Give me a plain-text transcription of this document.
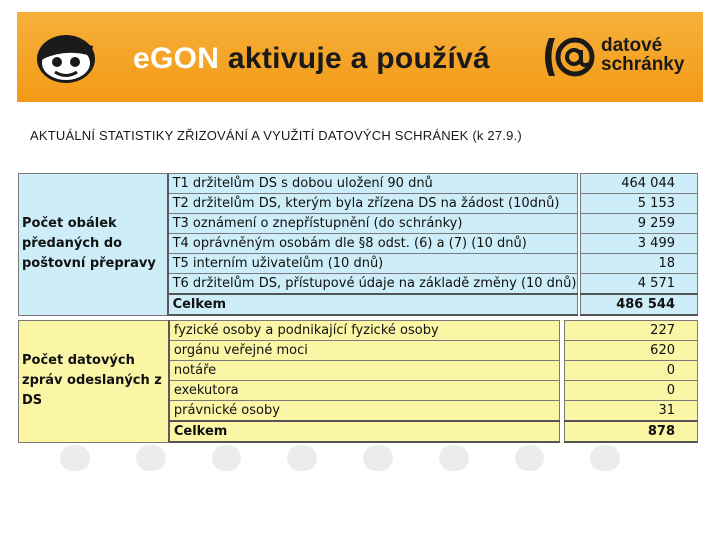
eGON aktivuje a používá	datové
schránky
AKTUÁLNÍ STATISTIKY ZŘIZOVÁNÍ A VYUŽITÍ DATOVÝCH SCHRÁNEK (k 27.9.)
Počet obálek předaných do poštovní přepravy	T1 držitelům DS s dobou uložení 90 dnů		464 044
	T2 držitelům DS, kterým byla zřízena DS na žádost (10dnů)		5 153
	T3 oznámení o znepřístupnění (do schránky)		9 259
	T4 oprávněným osobám dle §8 odst. (6) a (7) (10 dnů)		3 499
	T5 interním uživatelům (10 dnů)		18
	T6 držitelům DS, přístupové údaje na základě změny (10 dnů)		4 571
	Celkem		486 544
Počet datových zpráv odeslaných z DS	fyzické osoby a podnikající fyzické osoby		227
	orgánu veřejné moci		620
	notáře		0
	exekutora		0
	právnické osoby		31
	Celkem		878
